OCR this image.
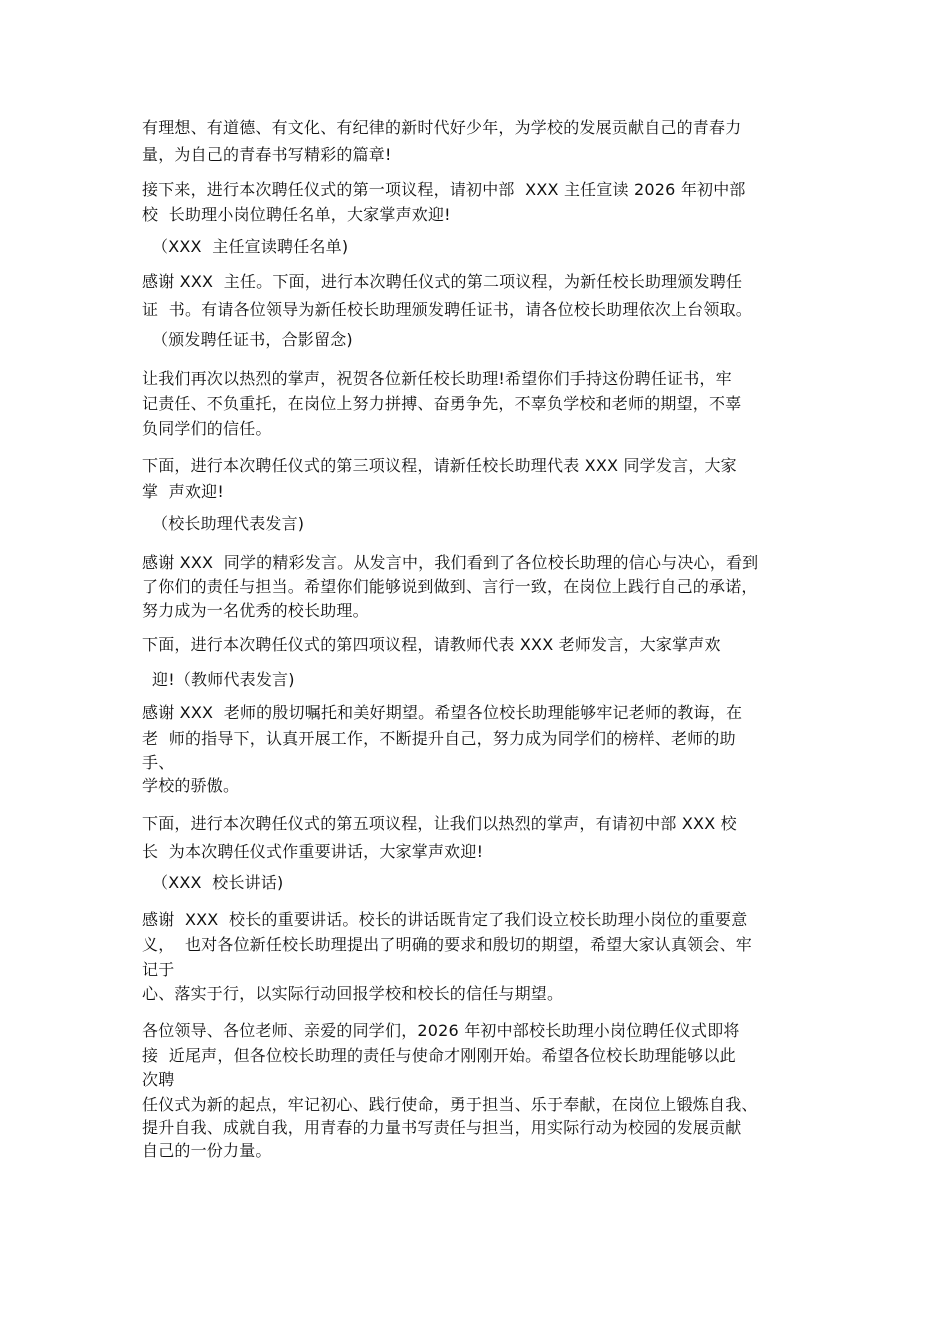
有理想、有道德、有文化、有纪律的新时代好少年，为学校的发展贡献自己的青春力
量，为自己的青春书写精彩的篇章!
接下来，进行本次聘任仪式的第一项议程，请初中部  XXX 主任宣读 2026 年初中部
校  长助理小岗位聘任名单，大家掌声欢迎!
（XXX  主任宣读聘任名单)
感谢 XXX  主任。下面，进行本次聘任仪式的第二项议程，为新任校长助理颁发聘任
证  书。有请各位领导为新任校长助理颁发聘任证书，请各位校长助理依次上台领取。
（颁发聘任证书，合影留念)
让我们再次以热烈的掌声，祝贺各位新任校长助理!希望你们手持这份聘任证书，牢
记责任、不负重托，在岗位上努力拼搏、奋勇争先，不辜负学校和老师的期望，不辜
负同学们的信任。
下面，进行本次聘任仪式的第三项议程，请新任校长助理代表 XXX 同学发言，大家
掌  声欢迎!
（校长助理代表发言)
感谢 XXX  同学的精彩发言。从发言中，我们看到了各位校长助理的信心与决心，看到
了你们的责任与担当。希望你们能够说到做到、言行一致，在岗位上践行自己的承诺，
努力成为一名优秀的校长助理。
下面，进行本次聘任仪式的第四项议程，请教师代表 XXX 老师发言，大家掌声欢
迎!（教师代表发言)
感谢 XXX  老师的殷切嘱托和美好期望。希望各位校长助理能够牢记老师的教诲，在
老  师的指导下，认真开展工作，不断提升自己，努力成为同学们的榜样、老师的助
手、
学校的骄傲。
下面，进行本次聘任仪式的第五项议程，让我们以热烈的掌声，有请初中部 XXX 校
长  为本次聘任仪式作重要讲话，大家掌声欢迎!
（XXX  校长讲话)
感谢  XXX  校长的重要讲话。校长的讲话既肯定了我们设立校长助理小岗位的重要意
义，  也对各位新任校长助理提出了明确的要求和殷切的期望，希望大家认真领会、牢
记于
心、落实于行，以实际行动回报学校和校长的信任与期望。
各位领导、各位老师、亲爱的同学们，2026 年初中部校长助理小岗位聘任仪式即将
接  近尾声，但各位校长助理的责任与使命才刚刚开始。希望各位校长助理能够以此
次聘
任仪式为新的起点，牢记初心、践行使命，勇于担当、乐于奉献，在岗位上锻炼自我、
提升自我、成就自我，用青春的力量书写责任与担当，用实际行动为校园的发展贡献
自己的一份力量。
